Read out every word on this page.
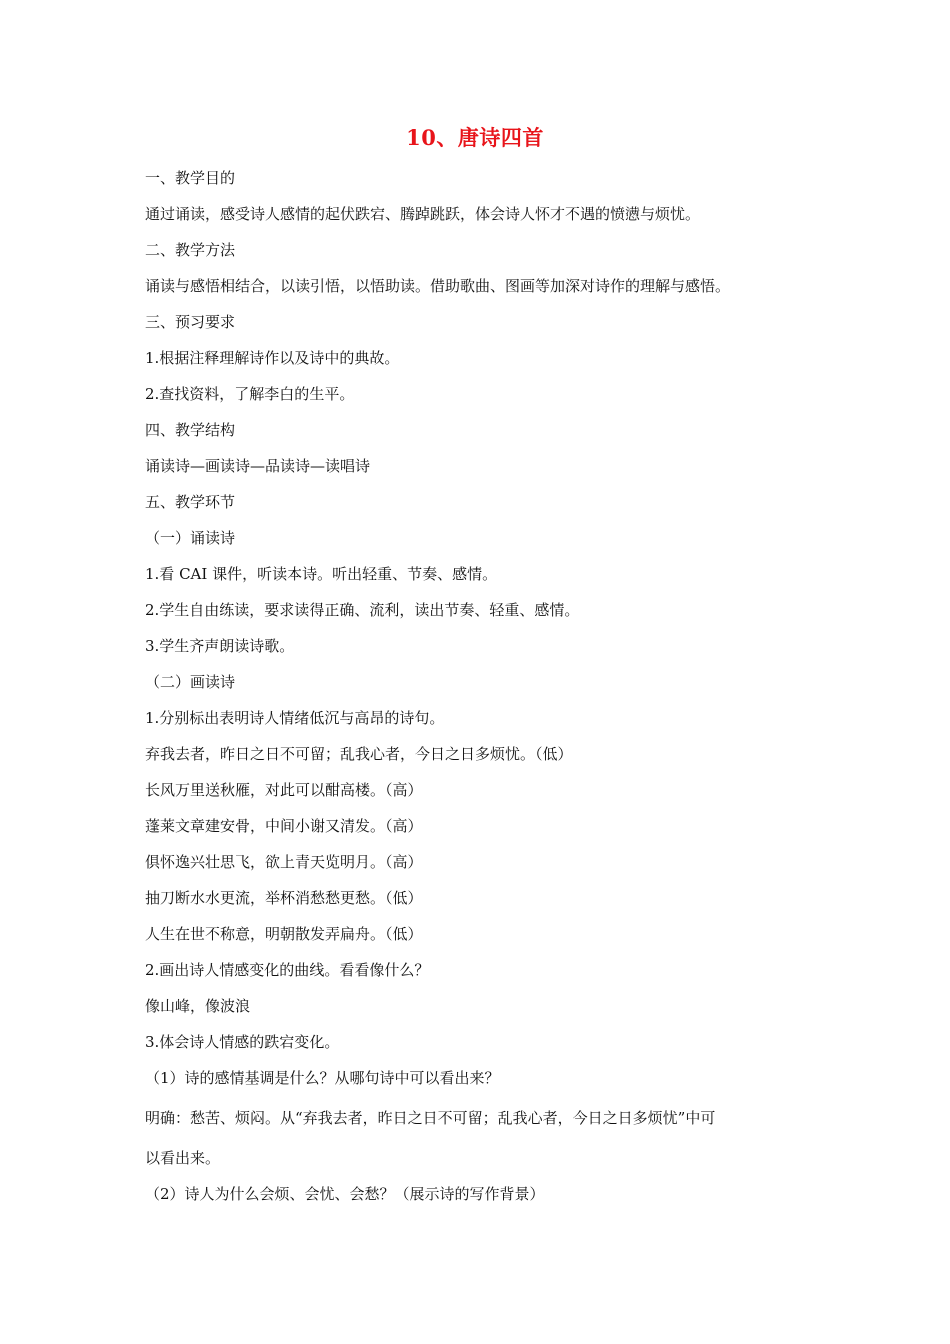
10、唐诗四首
一、教学目的
通过诵读，感受诗人感情的起伏跌宕、腾踔跳跃，体会诗人怀才不遇的愤懑与烦忧。
二、教学方法
诵读与感悟相结合，以读引悟，以悟助读。借助歌曲、图画等加深对诗作的理解与感悟。
三、预习要求
1.根据注释理解诗作以及诗中的典故。
2.查找资料，了解李白的生平。
四、教学结构
诵读诗—画读诗—品读诗—读唱诗
五、教学环节
（一）诵读诗
1.看 CAI 课件，听读本诗。听出轻重、节奏、感情。
2.学生自由练读，要求读得正确、流利，读出节奏、轻重、感情。
3.学生齐声朗读诗歌。
（二）画读诗
1.分别标出表明诗人情绪低沉与高昂的诗句。
弃我去者，昨日之日不可留；乱我心者，今日之日多烦忧。（低）
长风万里送秋雁，对此可以酣高楼。（高）
蓬莱文章建安骨，中间小谢又清发。（高）
俱怀逸兴壮思飞，欲上青天览明月。（高）
抽刀断水水更流，举杯消愁愁更愁。（低）
人生在世不称意，明朝散发弄扁舟。（低）
2.画出诗人情感变化的曲线。看看像什么？
像山峰，像波浪
3.体会诗人情感的跌宕变化。
（1）诗的感情基调是什么？从哪句诗中可以看出来？
明确：愁苦、烦闷。从“弃我去者，昨日之日不可留；乱我心者，今日之日多烦忧”中可
以看出来。
（2）诗人为什么会烦、会忧、会愁？（展示诗的写作背景）
